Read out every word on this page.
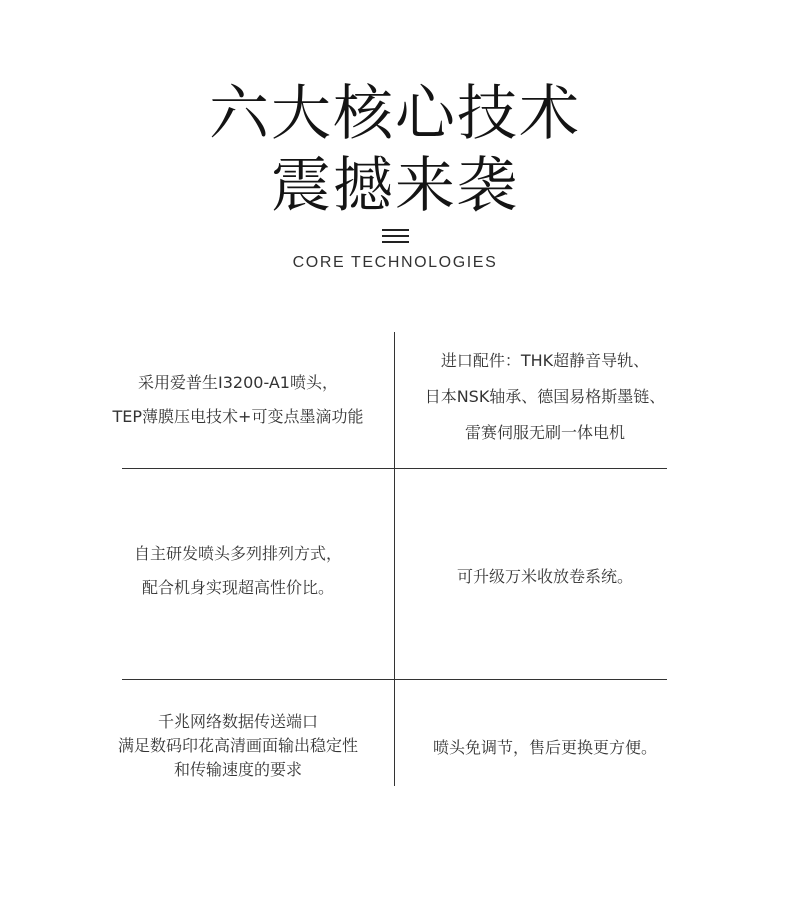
六大核心技术
震撼来袭
CORE TECHNOLOGIES
采用爱普生I3200-A1喷头，
TEP薄膜压电技术+可变点墨滴功能
进口配件：THK超静音导轨、
日本NSK轴承、德国易格斯墨链、
雷赛伺服无刷一体电机
自主研发喷头多列排列方式，
配合机身实现超高性价比。
可升级万米收放卷系统。
千兆网络数据传送端口
满足数码印花高清画面输出稳定性
和传输速度的要求
喷头免调节，售后更换更方便。
